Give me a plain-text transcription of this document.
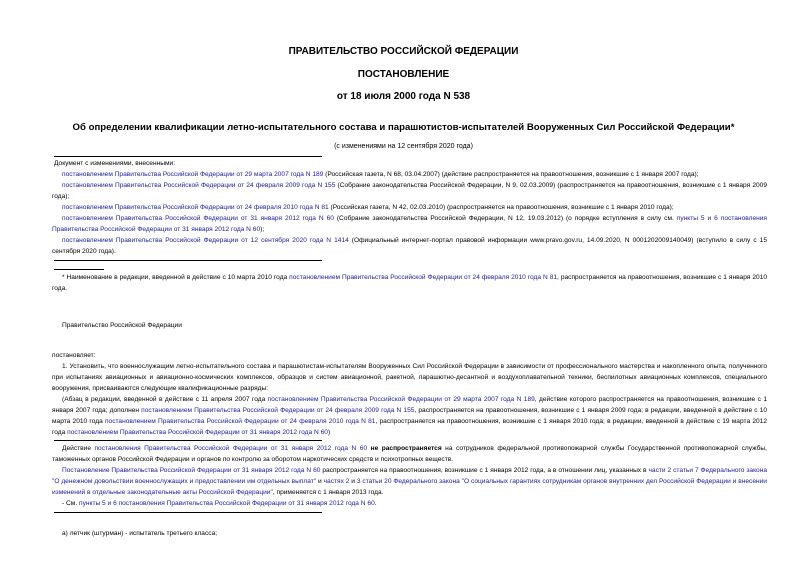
ПРАВИТЕЛЬСТВО РОССИЙСКОЙ ФЕДЕРАЦИИ
ПОСТАНОВЛЕНИЕ
от 18 июля 2000 года N 538
Об определении квалификации летно-испытательного состава и парашютистов-испытателей Вооруженных Сил Российской Федерации*
(с изменениями на 12 сентября 2020 года)
Документ с изменениями, внесенными:
постановлением Правительства Российской Федерации от 29 марта 2007 года N 189 (Российская газета, N 68, 03.04.2007) (действие распространяется на правоотношения, возникшие с 1 января 2007 года);
постановлением Правительства Российской Федерации от 24 февраля 2009 года N 155 (Собрание законодательства Российской Федерации, N 9, 02.03.2009) (распространяется на правоотношения, возникшие с 1 января 2009 года);
постановлением Правительства Российской Федерации от 24 февраля 2010 года N 81 (Российская газета, N 42, 02.03.2010) (распространяется на правоотношения, возникшие с 1 января 2010 года);
постановлением Правительства Российской Федерации от 31 января 2012 года N 60 (Собрание законодательства Российской Федерации, N 12, 19.03.2012) (о порядке вступления в силу см. пункты 5 и 6 постановления Правительства Российской Федерации от 31 января 2012 года N 60);
постановлением Правительства Российской Федерации от 12 сентября 2020 года N 1414 (Официальный интернет-портал правовой информации www.pravo.gov.ru, 14.09.2020, N 0001202009140049) (вступило в силу с 15 сентября 2020 года).
* Наименование в редакции, введенной в действие с 10 марта 2010 года постановлением Правительства Российской Федерации от 24 февраля 2010 года N 81, распространяется на правоотношения, возникшие с 1 января 2010 года.
Правительство Российской Федерации
постановляет:
1. Установить, что военнослужащим летно-испытательного состава и парашютистам-испытателям Вооруженных Сил Российской Федерации в зависимости от профессионального мастерства и накопленного опыта, полученного при испытаниях авиационных и авиационно-космических комплексов, образцов и систем авиационной, ракетной, парашютно-десантной и воздухоплавательной техники, беспилотных авиационных комплексов, специального вооружения, присваиваются следующие квалификационные разряды:
(Абзац в редакции, введенной в действие с 11 апреля 2007 года постановлением Правительства Российской Федерации от 29 марта 2007 года N 189, действие которого распространяется на правоотношения, возникшие с 1 января 2007 года; дополнен постановлением Правительства Российской Федерации от 24 февраля 2009 года N 155, распространяется на правоотношения, возникшие с 1 января 2009 года; в редакции, введенной в действие с 10 марта 2010 года постановлением Правительства Российской Федерации от 24 февраля 2010 года N 81, распространяется на правоотношения, возникшие с 1 января 2010 года; в редакции, введенной в действие с 19 марта 2012 года постановлением Правительства Российской Федерации от 31 января 2012 года N 60)
Действие постановления Правительства Российской Федерации от 31 января 2012 года N 60 не распространяется на сотрудников федеральной противопожарной службы Государственной противопожарной службы, таможенных органов Российской Федерации и органов по контролю за оборотом наркотических средств и психотропных веществ.
Постановление Правительства Российской Федерации от 31 января 2012 года N 60 распространяется на правоотношения, возникшие с 1 января 2012 года, а в отношении лиц, указанных в части 2 статьи 7 Федерального закона "О денежном довольствии военнослужащих и предоставлении им отдельных выплат" и частях 2 и 3 статьи 20 Федерального закона "О социальных гарантиях сотрудникам органов внутренних дел Российской Федерации и внесении изменений в отдельные законодательные акты Российской Федерации", применяется с 1 января 2013 года.
- См. пункты 5 и 6 постановления Правительства Российской Федерации от 31 января 2012 года N 60.
а) летчик (штурман) - испытатель третьего класса;
